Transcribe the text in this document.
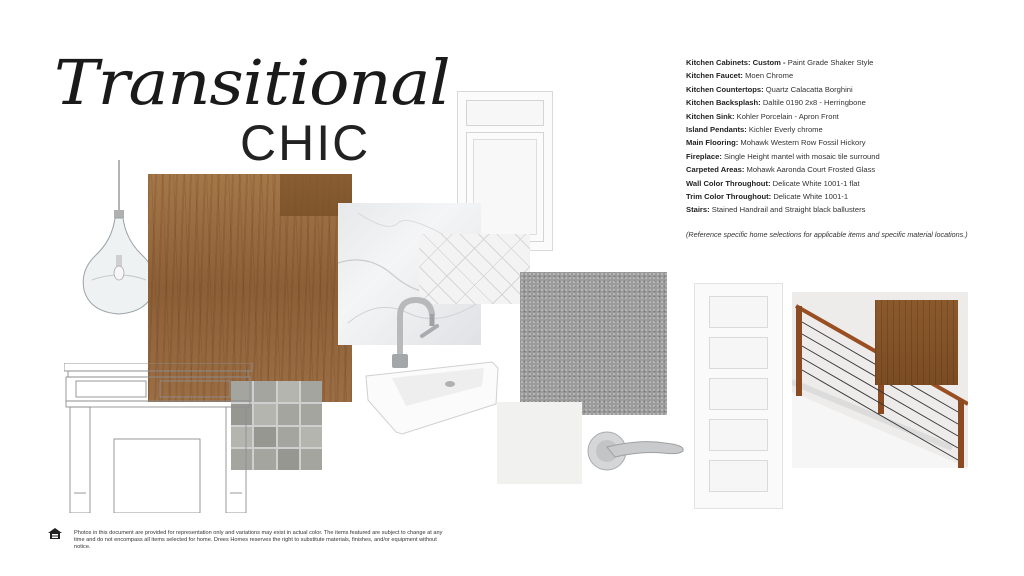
Transitional
CHIC
Kitchen Cabinets: Custom - Paint Grade Shaker Style
Kitchen Faucet: Moen Chrome
Kitchen Countertops: Quartz Calacatta Borghini
Kitchen Backsplash: Daltile 0190 2x8 - Herringbone
Kitchen Sink: Kohler Porcelain - Apron Front
Island Pendants: Kichler Everly chrome
Main Flooring: Mohawk Western Row Fossil Hickory
Fireplace: Single Height mantel with mosaic tile surround
Carpeted Areas: Mohawk Aaronda Court Frosted Glass
Wall Color Throughout: Delicate White 1001-1 flat
Trim Color Throughout: Delicate White 1001-1
Stairs: Stained Handrail and Straight black ballusters
(Reference specific home selections for applicable items and specific material locations.)
Photos in this document are provided for representation only and variations may exist in actual color. The items featured are subject to change at any time and do not encompass all items selected for home. Drees Homes reserves the right to substitute materials, finishes, and/or equipment without notice.
